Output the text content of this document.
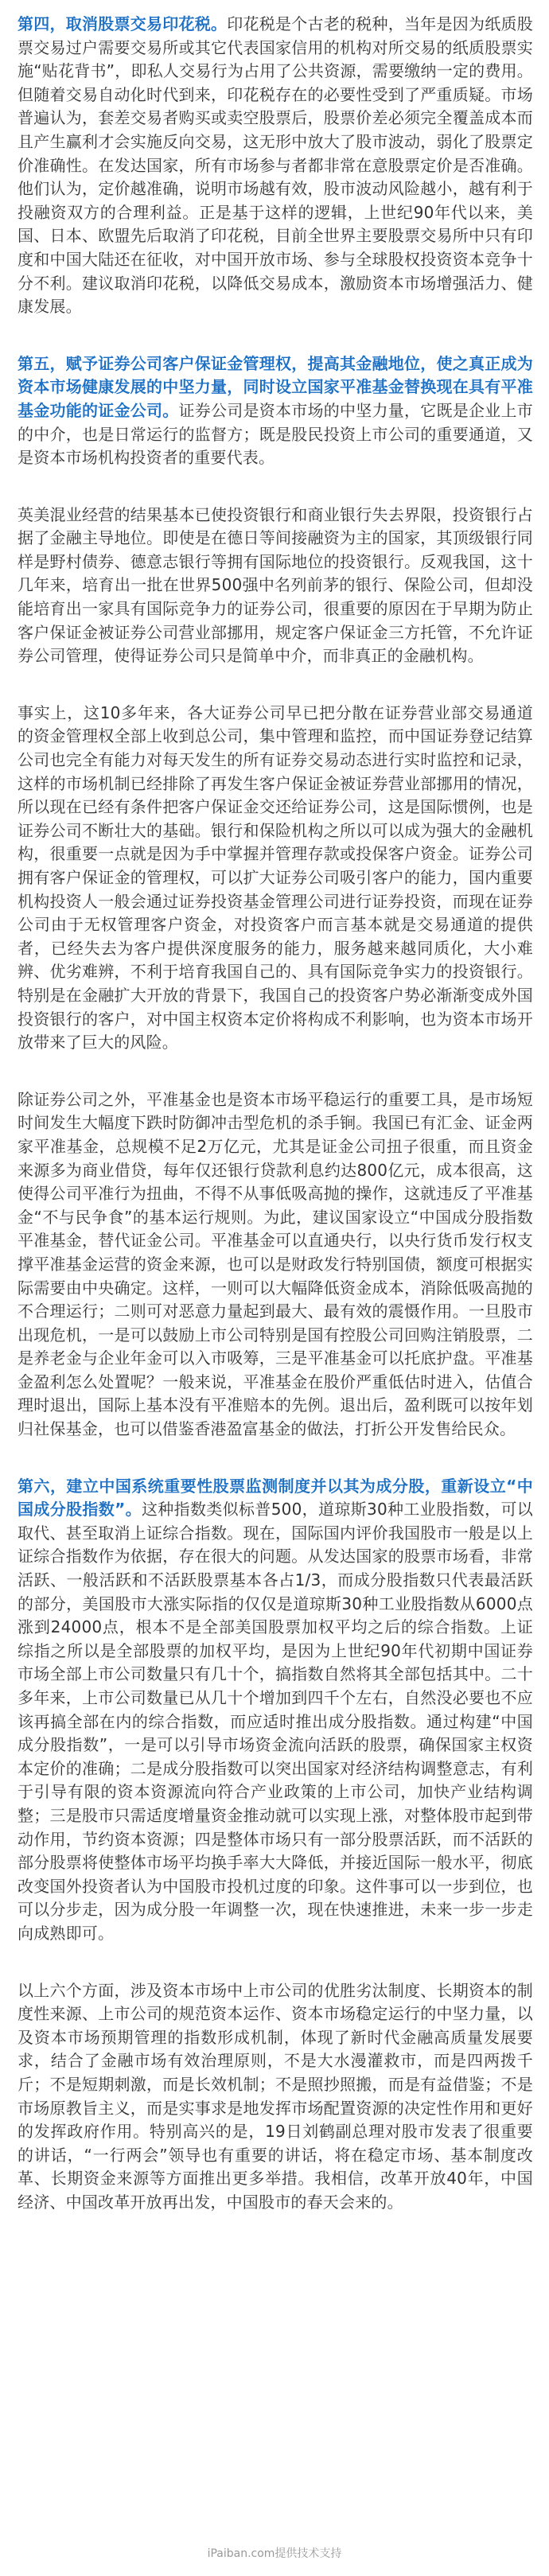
第四，取消股票交易印花税。印花税是个古老的税种，当年是因为纸质股票交易过户需要交易所或其它代表国家信用的机构对所交易的纸质股票实施“贴花背书”，即私人交易行为占用了公共资源，需要缴纳一定的费用。但随着交易自动化时代到来，印花税存在的必要性受到了严重质疑。市场普遍认为，套差交易者购买或卖空股票后，股票价差必须完全覆盖成本而且产生赢利才会实施反向交易，这无形中放大了股市波动，弱化了股票定价准确性。在发达国家，所有市场参与者都非常在意股票定价是否准确。他们认为，定价越准确，说明市场越有效，股市波动风险越小，越有利于投融资双方的合理利益。正是基于这样的逻辑，上世纪90年代以来，美国、日本、欧盟先后取消了印花税，目前全世界主要股票交易所中只有印度和中国大陆还在征收，对中国开放市场、参与全球股权投资资本竞争十分不利。建议取消印花税，以降低交易成本，激励资本市场增强活力、健康发展。

第五，赋予证券公司客户保证金管理权，提高其金融地位，使之真正成为资本市场健康发展的中坚力量，同时设立国家平准基金替换现在具有平准基金功能的证金公司。证券公司是资本市场的中坚力量，它既是企业上市的中介，也是日常运行的监督方；既是股民投资上市公司的重要通道，又是资本市场机构投资者的重要代表。

英美混业经营的结果基本已使投资银行和商业银行失去界限，投资银行占据了金融主导地位。即使是在德日等间接融资为主的国家，其顶级银行同样是野村债券、德意志银行等拥有国际地位的投资银行。反观我国，这十几年来，培育出一批在世界500强中名列前茅的银行、保险公司，但却没能培育出一家具有国际竞争力的证券公司，很重要的原因在于早期为防止客户保证金被证券公司营业部挪用，规定客户保证金三方托管，不允许证券公司管理，使得证券公司只是简单中介，而非真正的金融机构。

事实上，这10多年来，各大证券公司早已把分散在证券营业部交易通道的资金管理权全部上收到总公司，集中管理和监控，而中国证券登记结算公司也完全有能力对每天发生的所有证券交易动态进行实时监控和记录，这样的市场机制已经排除了再发生客户保证金被证券营业部挪用的情况，所以现在已经有条件把客户保证金交还给证券公司，这是国际惯例，也是证券公司不断壮大的基础。银行和保险机构之所以可以成为强大的金融机构，很重要一点就是因为手中掌握并管理存款或投保客户资金。证券公司拥有客户保证金的管理权，可以扩大证券公司吸引客户的能力，国内重要机构投资人一般会通过证券投资基金管理公司进行证券投资，而现在证券公司由于无权管理客户资金，对投资客户而言基本就是交易通道的提供者，已经失去为客户提供深度服务的能力，服务越来越同质化，大小难辨、优劣难辨，不利于培育我国自己的、具有国际竞争实力的投资银行。特别是在金融扩大开放的背景下，我国自己的投资客户势必渐渐变成外国投资银行的客户，对中国主权资本定价将构成不利影响，也为资本市场开放带来了巨大的风险。

除证券公司之外，平准基金也是资本市场平稳运行的重要工具，是市场短时间发生大幅度下跌时防御冲击型危机的杀手锏。我国已有汇金、证金两家平准基金，总规模不足2万亿元，尤其是证金公司扭子很重，而且资金来源多为商业借贷，每年仅还银行贷款利息约达800亿元，成本很高，这使得公司平准行为扭曲，不得不从事低吸高抛的操作，这就违反了平准基金“不与民争食”的基本运行规则。为此，建议国家设立“中国成分股指数平准基金，替代证金公司。平准基金可以直通央行，以央行货币发行权支撑平准基金运营的资金来源，也可以是财政发行特别国债，额度可根据实际需要由中央确定。这样，一则可以大幅降低资金成本，消除低吸高抛的不合理运行；二则可对恶意力量起到最大、最有效的震慑作用。一旦股市出现危机，一是可以鼓励上市公司特别是国有控股公司回购注销股票，二是养老金与企业年金可以入市吸筹，三是平准基金可以托底护盘。平准基金盈利怎么处置呢？一般来说，平准基金在股价严重低估时进入，估值合理时退出，国际上基本没有平准赔本的先例。退出后，盈利既可以按年划归社保基金，也可以借鉴香港盈富基金的做法，打折公开发售给民众。

第六，建立中国系统重要性股票监测制度并以其为成分股，重新设立“中国成分股指数”。这种指数类似标普500，道琼斯30种工业股指数，可以取代、甚至取消上证综合指数。现在，国际国内评价我国股市一般是以上证综合指数作为依据，存在很大的问题。从发达国家的股票市场看，非常活跃、一般活跃和不活跃股票基本各占1/3，而成分股指数只代表最活跃的部分，美国股市大涨实际指的仅仅是道琼斯30种工业股指数从6000点涨到24000点，根本不是全部美国股票加权平均之后的综合指数。上证综指之所以是全部股票的加权平均，是因为上世纪90年代初期中国证券市场全部上市公司数量只有几十个，搞指数自然将其全部包括其中。二十多年来，上市公司数量已从几十个增加到四千个左右，自然没必要也不应该再搞全部在内的综合指数，而应适时推出成分股指数。通过构建“中国成分股指数”，一是可以引导市场资金流向活跃的股票，确保国家主权资本定价的准确；二是成分股指数可以突出国家对经济结构调整意志，有利于引导有限的资本资源流向符合产业政策的上市公司，加快产业结构调整；三是股市只需适度增量资金推动就可以实现上涨，对整体股市起到带动作用，节约资本资源；四是整体市场只有一部分股票活跃，而不活跃的部分股票将使整体市场平均换手率大大降低，并接近国际一般水平，彻底改变国外投资者认为中国股市投机过度的印象。这件事可以一步到位，也可以分步走，因为成分股一年调整一次，现在快速推进，未来一步一步走向成熟即可。

以上六个方面，涉及资本市场中上市公司的优胜劣汰制度、长期资本的制度性来源、上市公司的规范资本运作、资本市场稳定运行的中坚力量，以及资本市场预期管理的指数形成机制，体现了新时代金融高质量发展要求，结合了金融市场有效治理原则，不是大水漫灌救市，而是四两拨千斤；不是短期刺激，而是长效机制；不是照抄照搬，而是有益借鉴；不是市场原教旨主义，而是实事求是地发挥市场配置资源的决定性作用和更好的发挥政府作用。特别高兴的是，19日刘鹤副总理对股市发表了很重要的讲话，“一行两会”领导也有重要的讲话，将在稳定市场、基本制度改革、长期资金来源等方面推出更多举措。我相信，改革开放40年，中国经济、中国改革开放再出发，中国股市的春天会来的。

iPaiban.com提供技术支持
